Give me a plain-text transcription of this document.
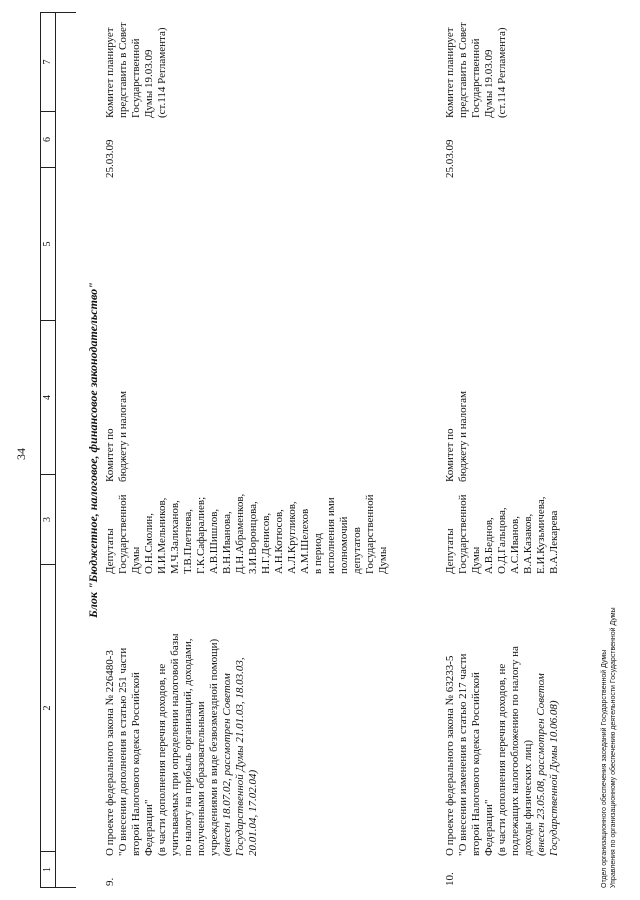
34
1
2
3
4
5
6
7
Блок "Бюджетное, налоговое, финансовое законодательство"
9.
О проекте федерального закона № 226480-3 "О внесении дополнения в статью 251 части второй Налогового кодекса Российской Федерации" (в части дополнения перечня доходов, не учитываемых при определении налоговой базы по налогу на прибыль организаций, доходами, полученными образовательными учреждениями в виде безвозмездной помощи) (внесен 18.07.02, рассмотрен Советом Государственной Думы 21.01.03, 18.03.03, 20.01.04, 17.02.04)
Депутаты Государственной Думы О.Н.Смолин, И.И.Мельников, М.Ч.Залиханов, Т.В.Плетнева, Г.К.Сафаралиев; А.В.Шишлов, В.Н.Иванова, Д.Н.Абраменков, З.И.Воронцова, Н.Г.Денисов, А.Н.Котюсов, А.Л.Кругликов, А.М.Шелехов в период исполнения ими полномочий депутатов Государственной Думы
Комитет по бюджету и налогам
25.03.09
Комитет планирует представить в Совет Государственной Думы 19.03.09 (ст.114 Регламента)
10.
О проекте федерального закона № 63233-5 "О внесении изменения в статью 217 части второй Налогового кодекса Российской Федерации" (в части дополнения перечня доходов, не подлежащих налогообложению по налогу на доходы физических лиц) (внесен 23.05.08, рассмотрен Советом Государственной Думы 10.06.08)
Депутаты Государственной Думы А.В.Беднов, О.Д.Гальцова, А.С.Иванов, В.А.Казаков, Е.И.Кузьмичева, В.А.Лекарева
Комитет по бюджету и налогам
25.03.09
Комитет планирует представить в Совет Государственной Думы 19.03.09 (ст.114 Регламента)
Отдел организационного обеспечения заседаний Государственной Думы Управления по организационному обеспечению деятельности Государственной Думы
